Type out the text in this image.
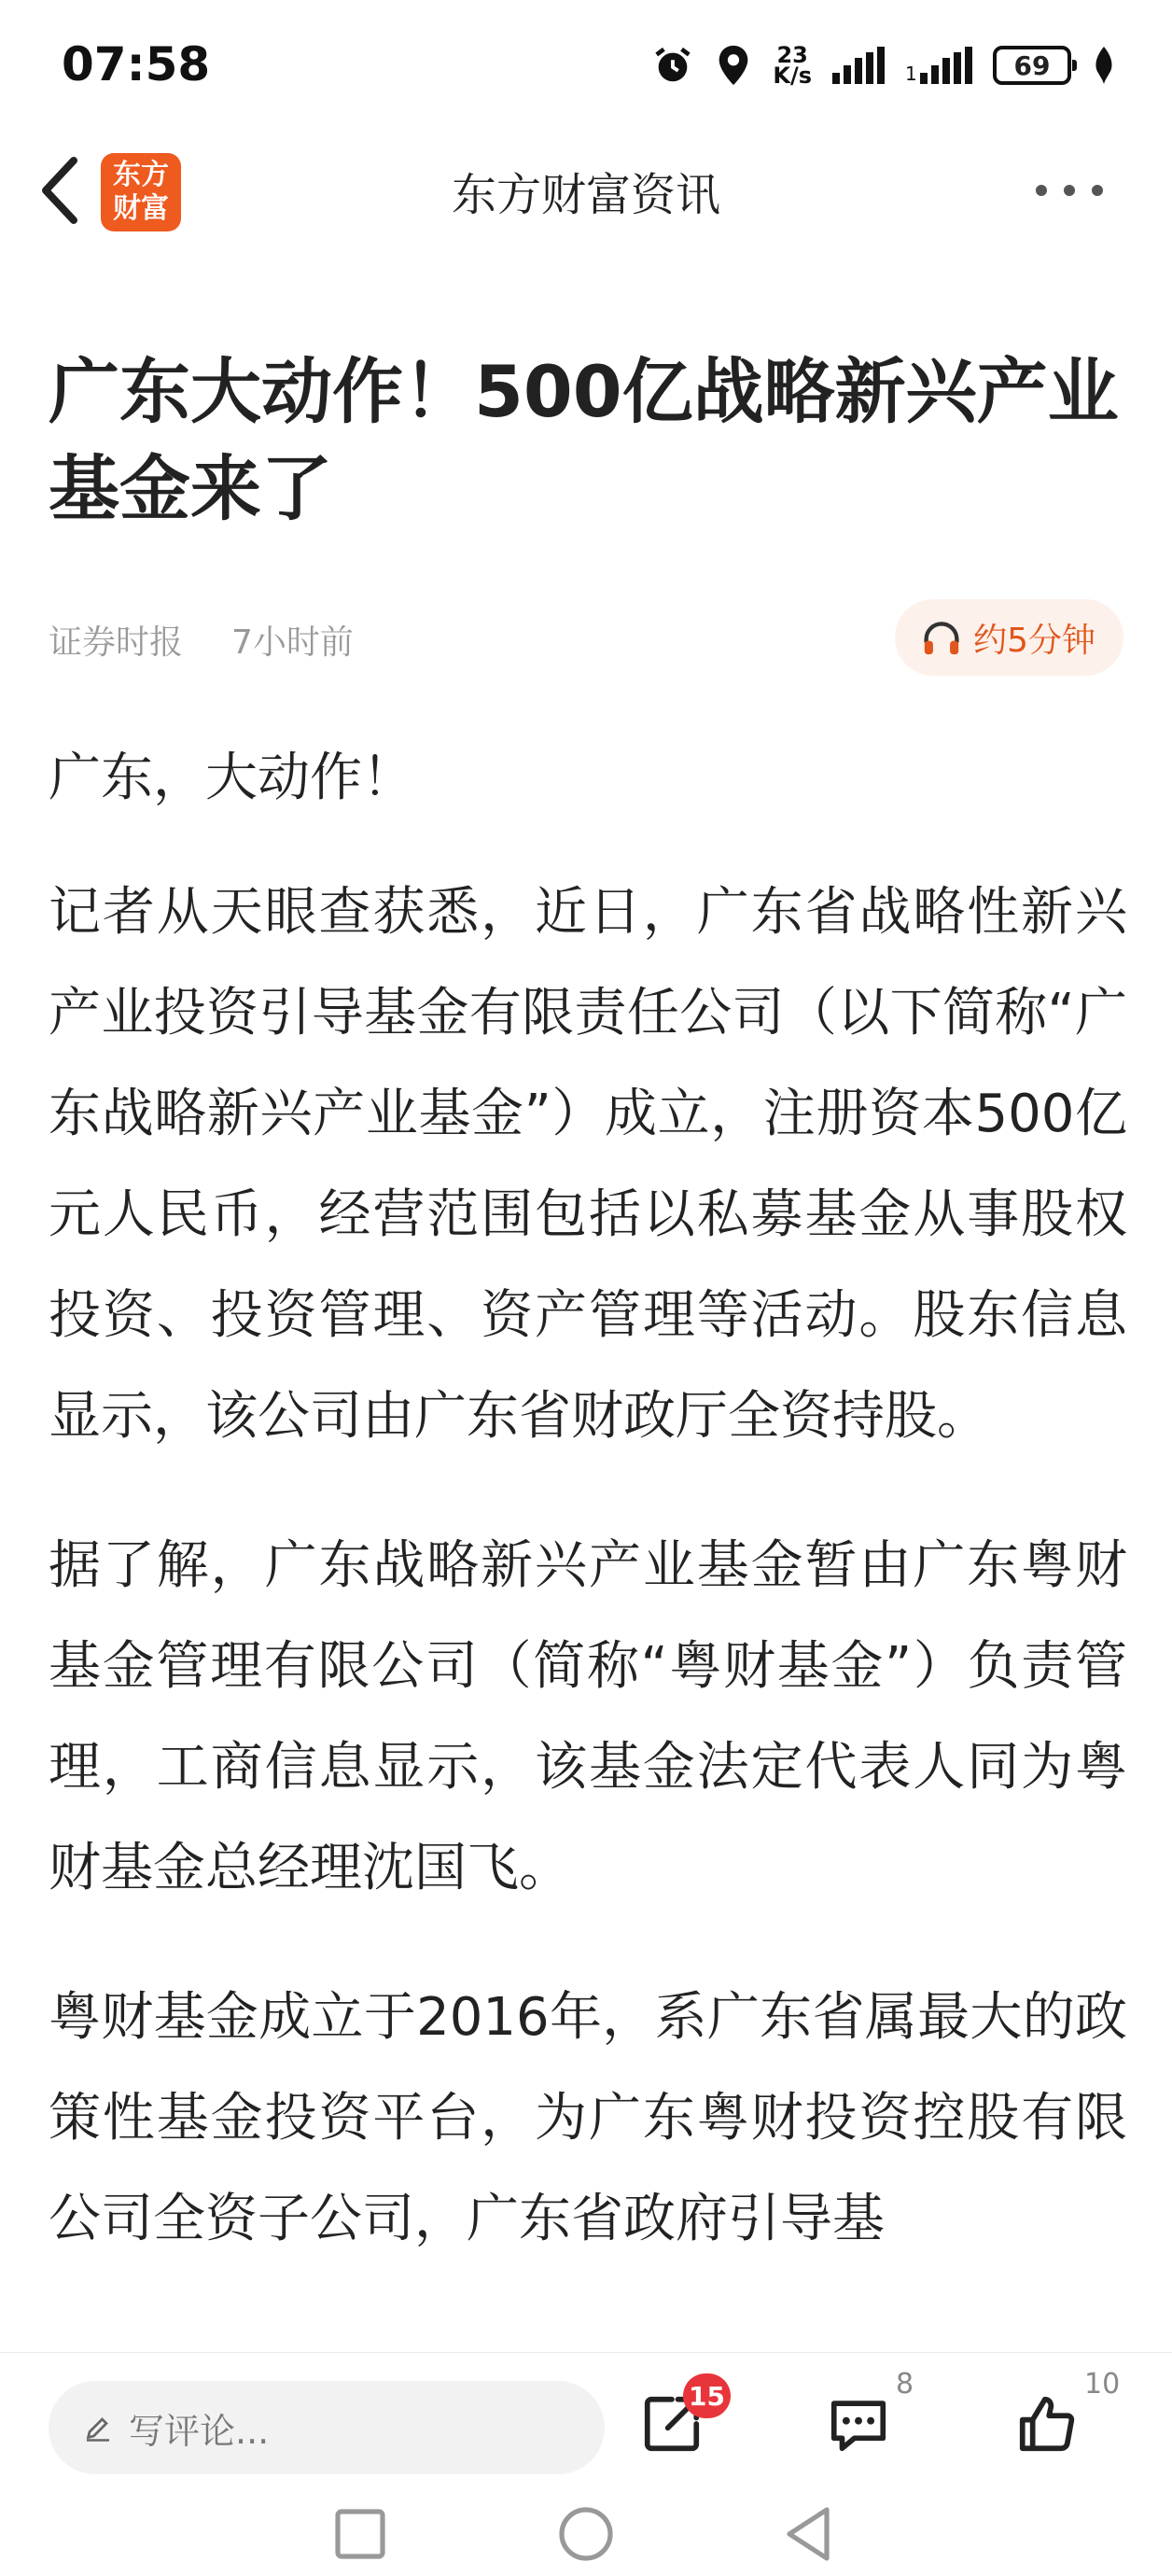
07:58	23
K/s	1	69
东方
财富	东方财富资讯
广东大动作！500亿战略新兴产业基金来了
证券时报 7小时前	约5分钟

广东，大动作！

记者从天眼查获悉，近日，广东省战略性新兴产业投资引导基金有限责任公司（以下简称“广东战略新兴产业基金”）成立，注册资本500亿元人民币，经营范围包括以私募基金从事股权投资、投资管理、资产管理等活动。股东信息显示，该公司由广东省财政厅全资持股。

据了解，广东战略新兴产业基金暂由广东粤财基金管理有限公司（简称“粤财基金”）负责管理，工商信息显示，该基金法定代表人同为粤财基金总经理沈国飞。

粤财基金成立于2016年，系广东省属最大的政策性基金投资平台，为广东粤财投资控股有限公司全资子公司，广东省政府引导基

写评论...
15	8	10
